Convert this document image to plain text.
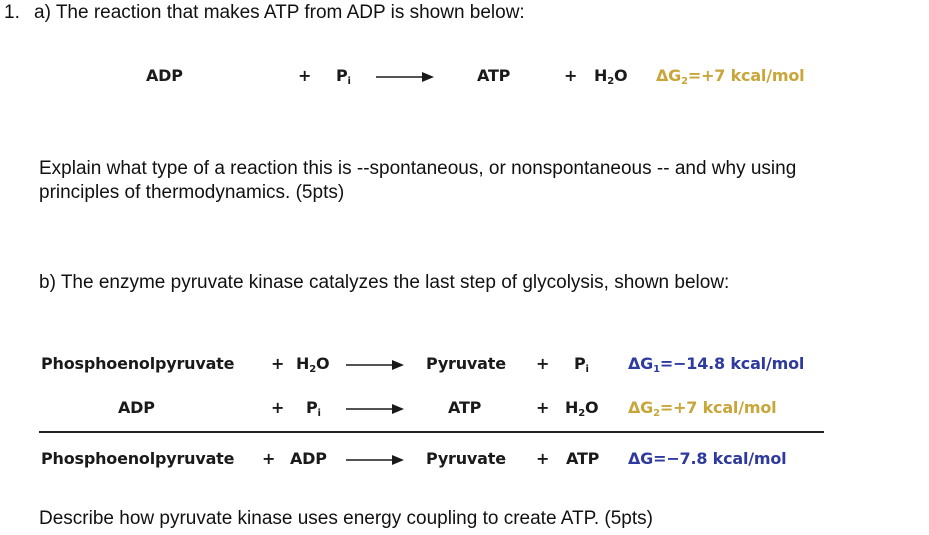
1. a) The reaction that makes ATP from ADP is shown below:
ADP	+ $P_i$	ATP	+ $H_2O$ $\Delta G_2=+7$ kcal/mol
Explain what type of a reaction this is --spontaneous, or nonspontaneous -- and why using
principles of thermodynamics. (5pts)
b) The enzyme pyruvate kinase catalyzes the last step of glycolysis, shown below:
Phosphoenolpyruvate + $H_2O$ → Pyruvate + $P_i$ $\Delta G_1=-14.8$ kcal/mol
ADP	+ $P_i$	ATP	+ $H_2O$ $\Delta G_2=+7$ kcal/mol
Phosphoenolpyruvate + ADP → Pyruvate + ATP ΔG=−7.8 kcal/mol
Describe how pyruvate kinase uses energy coupling to create ATP. (5pts)
